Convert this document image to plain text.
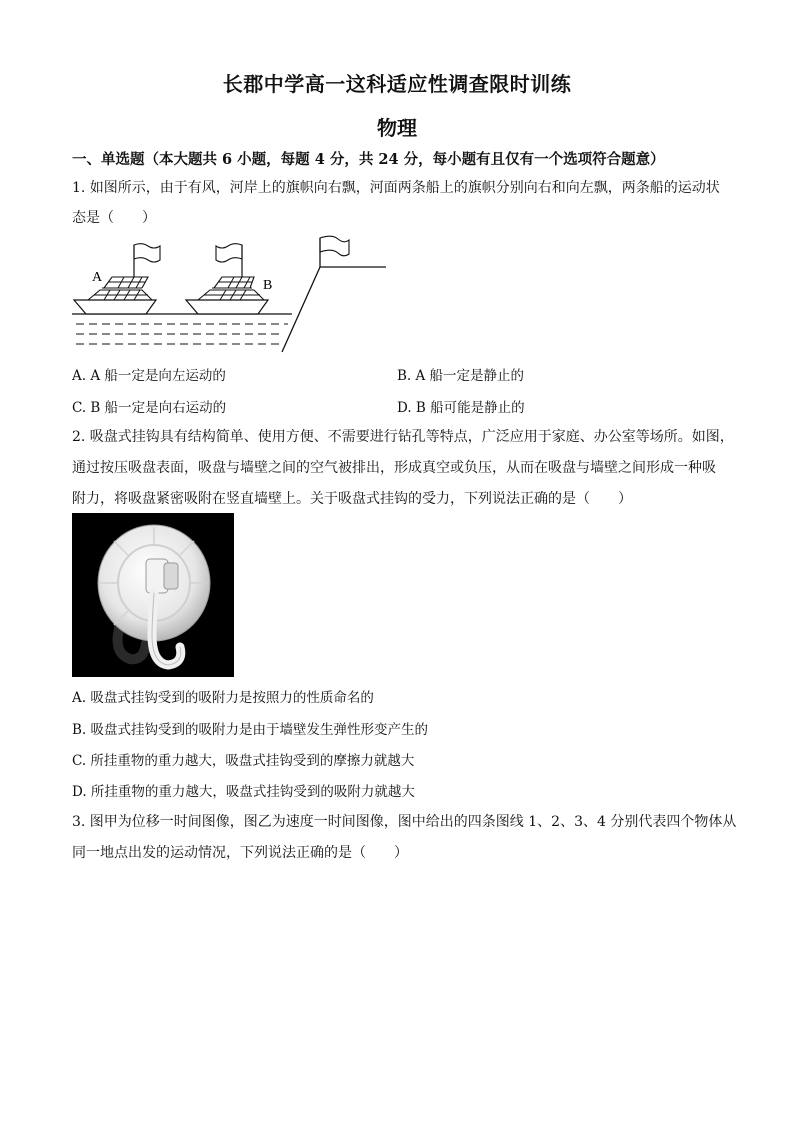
长郡中学高一这科适应性调查限时训练
物理
一、单选题（本大题共 6 小题，每题 4 分，共 24 分，每小题有且仅有一个选项符合题意）
1. 如图所示，由于有风，河岸上的旗帜向右飘，河面两条船上的旗帜分别向右和向左飘，两条船的运动状
态是（　　）
A
B
A. A 船一定是向左运动的	B. A 船一定是静止的
C. B 船一定是向右运动的	D. B 船可能是静止的
2. 吸盘式挂钩具有结构简单、使用方便、不需要进行钻孔等特点，广泛应用于家庭、办公室等场所。如图，
通过按压吸盘表面，吸盘与墙壁之间的空气被排出，形成真空或负压，从而在吸盘与墙壁之间形成一种吸
附力，将吸盘紧密吸附在竖直墙壁上。关于吸盘式挂钩的受力，下列说法正确的是（　　）
A. 吸盘式挂钩受到的吸附力是按照力的性质命名的
B. 吸盘式挂钩受到的吸附力是由于墙壁发生弹性形变产生的
C. 所挂重物的重力越大，吸盘式挂钩受到的摩擦力就越大
D. 所挂重物的重力越大，吸盘式挂钩受到的吸附力就越大
3. 图甲为位移一时间图像，图乙为速度一时间图像，图中给出的四条图线 1、2、3、4 分别代表四个物体从
同一地点出发的运动情况，下列说法正确的是（　　）
